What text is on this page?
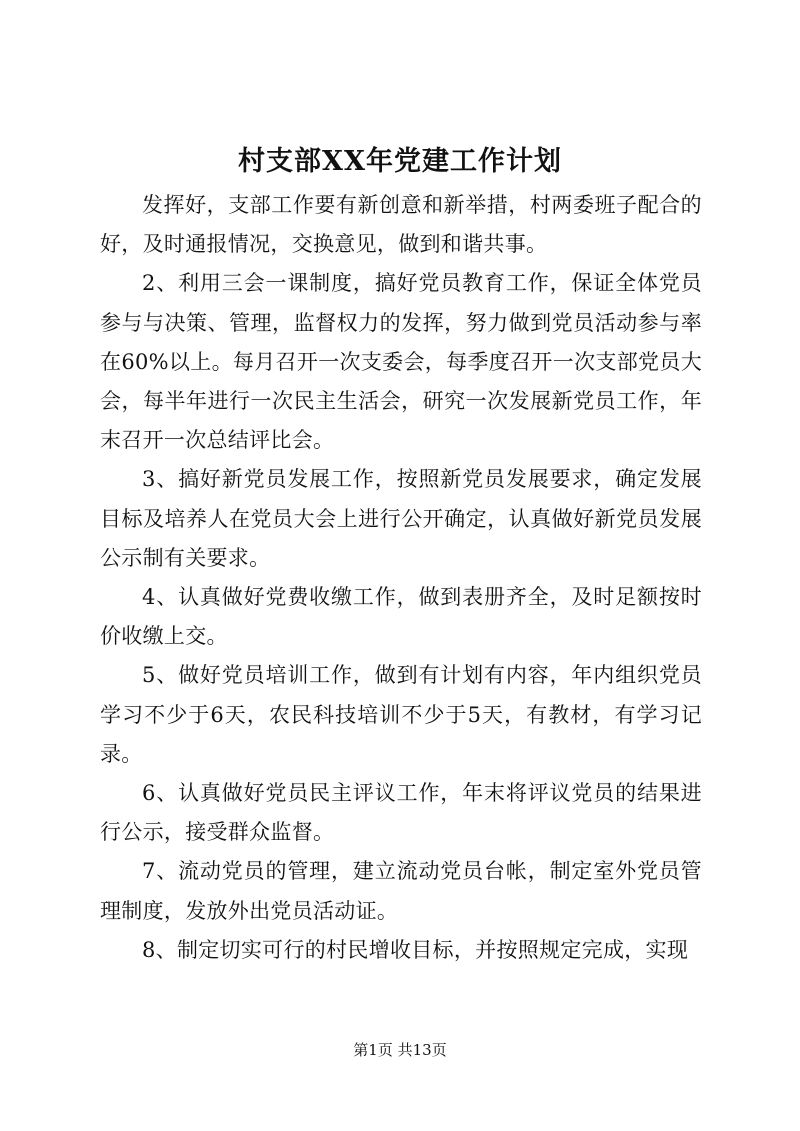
村支部XX年党建工作计划

发挥好，支部工作要有新创意和新举措，村两委班子配合的好，及时通报情况，交换意见，做到和谐共事。

2、利用三会一课制度，搞好党员教育工作，保证全体党员参与与决策、管理，监督权力的发挥，努力做到党员活动参与率在60%以上。每月召开一次支委会，每季度召开一次支部党员大会，每半年进行一次民主生活会，研究一次发展新党员工作，年末召开一次总结评比会。

3、搞好新党员发展工作，按照新党员发展要求，确定发展目标及培养人在党员大会上进行公开确定，认真做好新党员发展公示制有关要求。

4、认真做好党费收缴工作，做到表册齐全，及时足额按时价收缴上交。

5、做好党员培训工作，做到有计划有内容，年内组织党员学习不少于6天，农民科技培训不少于5天，有教材，有学习记录。

6、认真做好党员民主评议工作，年末将评议党员的结果进行公示，接受群众监督。

7、流动党员的管理，建立流动党员台帐，制定室外党员管理制度，发放外出党员活动证。

8、制定切实可行的村民增收目标，并按照规定完成，实现

第1页 共13页
